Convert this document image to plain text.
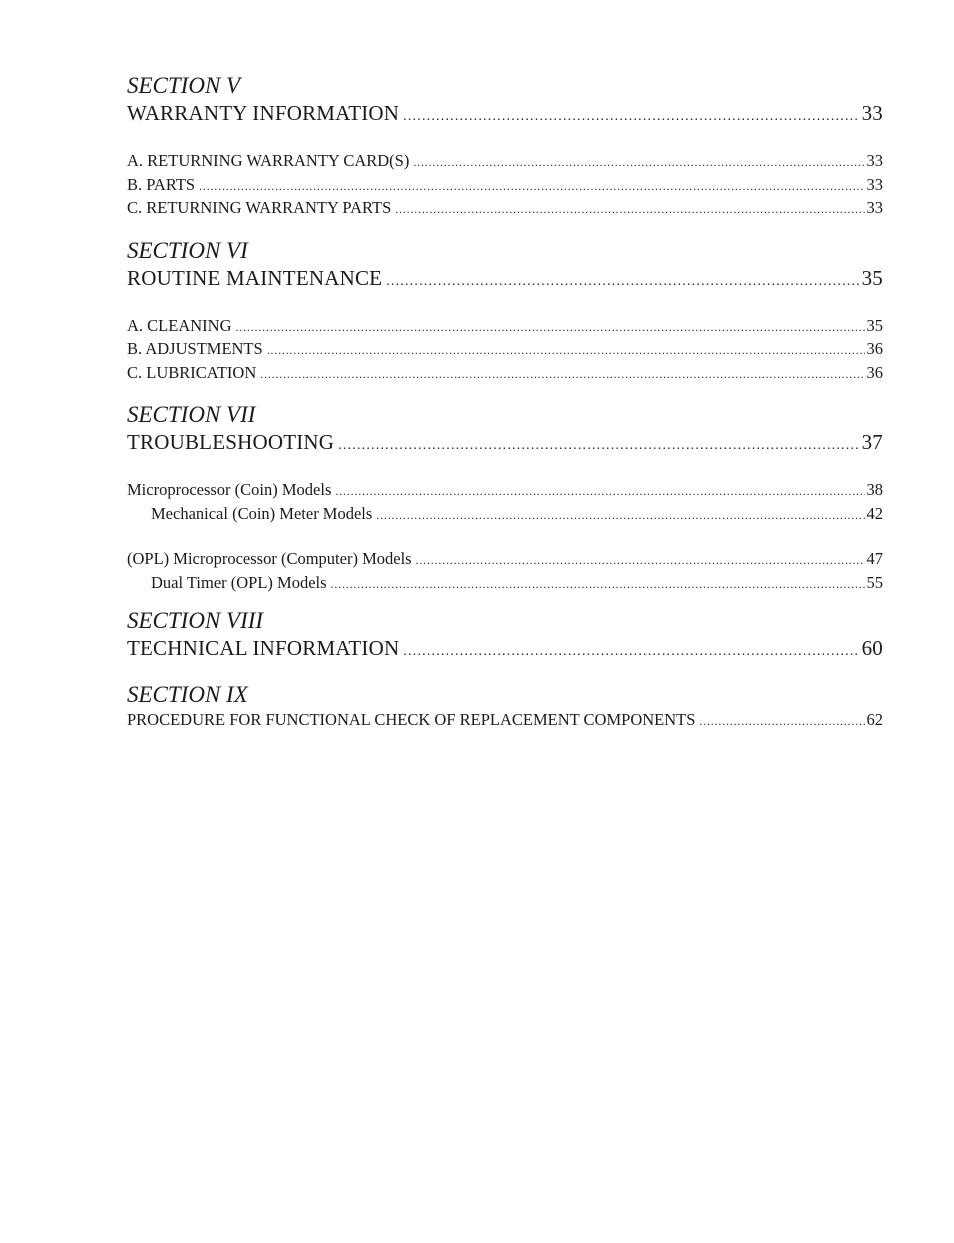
SECTION V

WARRANTY INFORMATION .....	33
A. RETURNING WARRANTY CARD(S) .....	33
B. PARTS .....	33
C. RETURNING WARRANTY PARTS .....	33

SECTION VI

ROUTINE MAINTENANCE .....	35
A. CLEANING .....	35
B. ADJUSTMENTS .....	36
C. LUBRICATION .....	36

SECTION VII

TROUBLESHOOTING .....	37
Microprocessor (Coin) Models .....	38
Mechanical (Coin) Meter Models .....	42
(OPL) Microprocessor (Computer) Models .....	47
Dual Timer (OPL) Models .....	55

SECTION VIII

TECHNICAL INFORMATION .....	60

SECTION IX

PROCEDURE FOR FUNCTIONAL CHECK OF REPLACEMENT COMPONENTS .....	62
